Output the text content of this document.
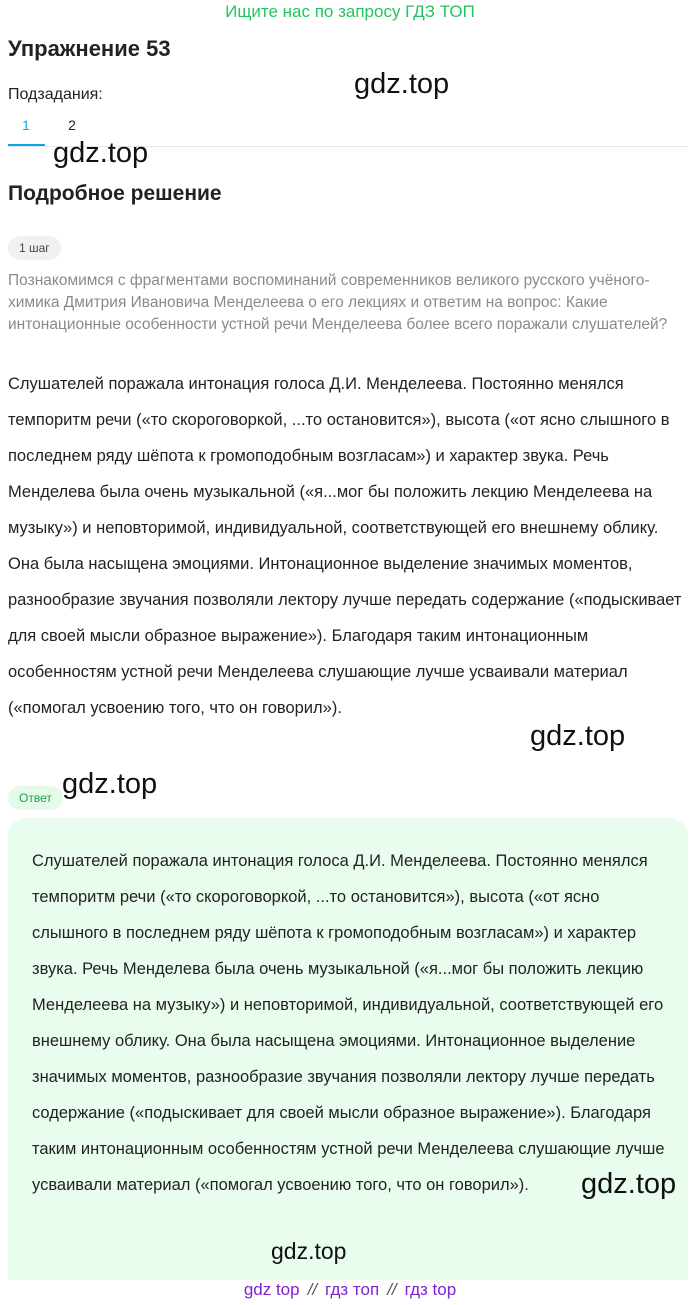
Ищите нас по запросу ГДЗ ТОП
Упражнение 53
Подзадания:
1	2
Подробное решение
1 шаг

Познакомимся с фрагментами воспоминаний современников великого русского учёного-химика Дмитрия Ивановича Менделеева о его лекциях и ответим на вопрос: Какие интонационные особенности устной речи Менделеева более всего поражали слушателей?

Слушателей поражала интонация голоса Д.И. Менделеева. Постоянно менялся темпоритм речи («то скороговоркой, ...то остановится»), высота («от ясно слышного в последнем ряду шёпота к громоподобным возгласам») и характер звука. Речь Менделева была очень музыкальной («я...мог бы положить лекцию Менделеева на музыку») и неповторимой, индивидуальной, соответствующей его внешнему облику. Она была насыщена эмоциями. Интонационное выделение значимых моментов, разнообразие звучания позволяли лектору лучше передать содержание («подыскивает для своей мысли образное выражение»). Благодаря таким интонационным особенностям устной речи Менделеева слушающие лучше усваивали материал («помогал усвоению того, что он говорил»).

Ответ

Слушателей поражала интонация голоса Д.И. Менделеева. Постоянно менялся темпоритм речи («то скороговоркой, ...то остановится»), высота («от ясно слышного в последнем ряду шёпота к громоподобным возгласам») и характер звука. Речь Менделева была очень музыкальной («я...мог бы положить лекцию Менделеева на музыку») и неповторимой, индивидуальной, соответствующей его внешнему облику. Она была насыщена эмоциями. Интонационное выделение значимых моментов, разнообразие звучания позволяли лектору лучше передать содержание («подыскивает для своей мысли образное выражение»). Благодаря таким интонационным особенностям устной речи Менделеева слушающие лучше усваивали материал («помогал усвоению того, что он говорил»).

gdz.top
gdz.top
gdz.top
gdz.top
gdz.top
gdz.top
gdz top // гдз топ // гдз top
